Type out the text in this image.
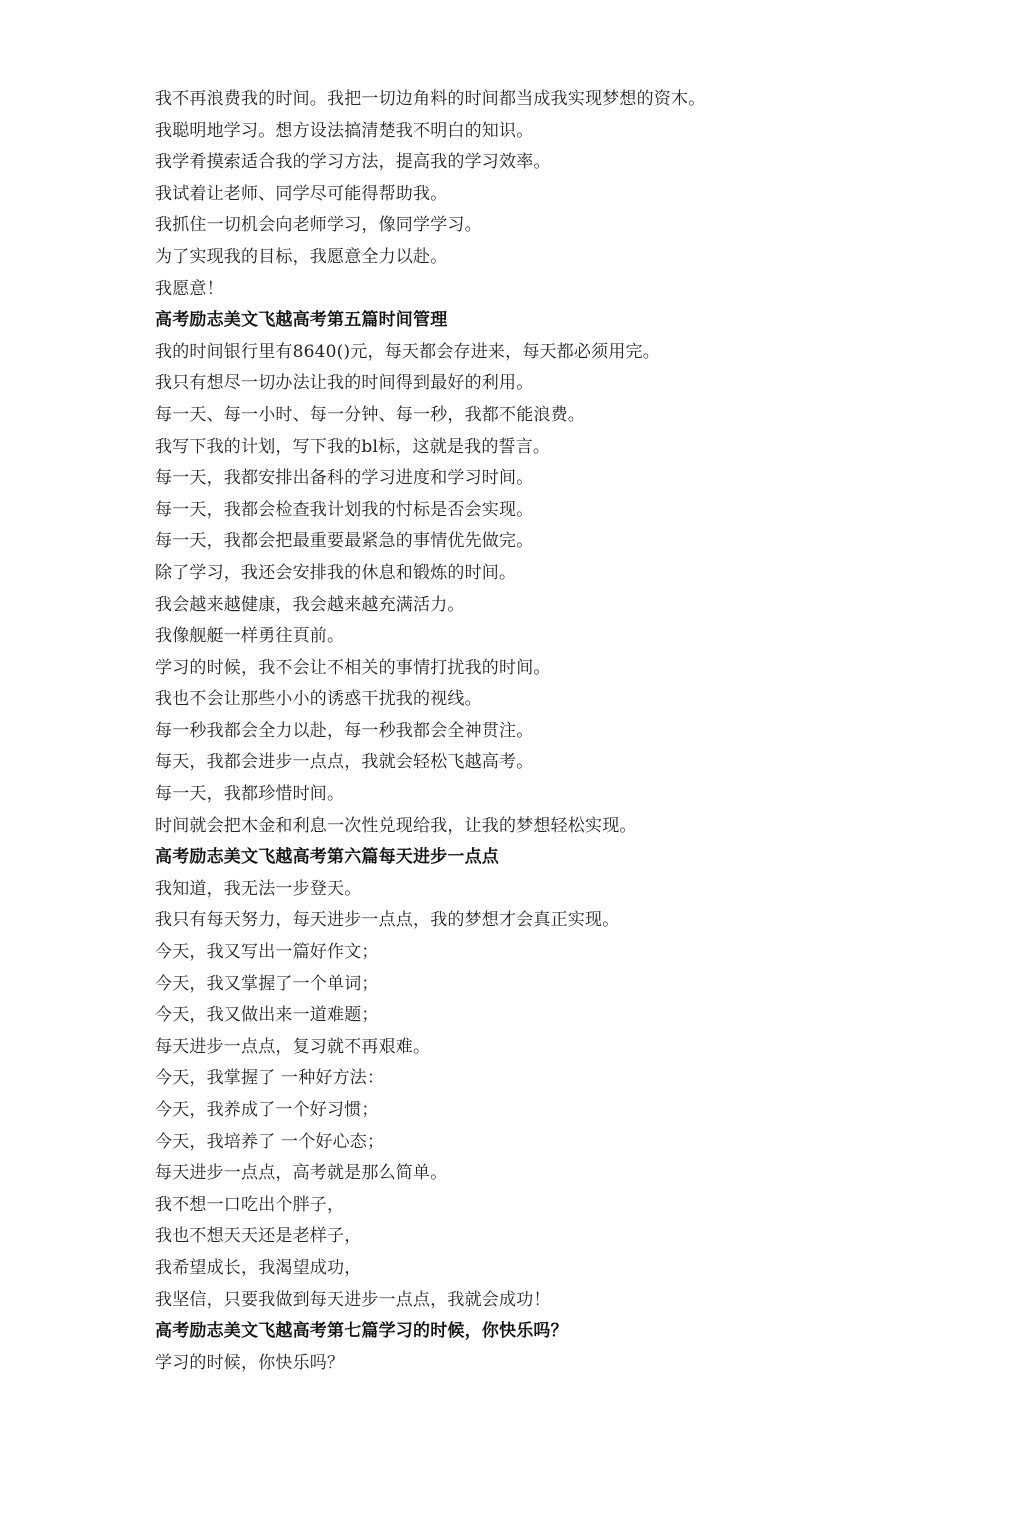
我不再浪费我的时间。我把一切边角料的时间都当成我实现梦想的资木。
我聪明地学习。想方设法搞清楚我不明白的知识。
我学肴摸索适合我的学习方法，提高我的学习效率。
我试着让老师、同学尽可能得帮助我。
我抓住一切机会向老师学习，像同学学习。
为了实现我的目标，我愿意全力以赴。
我愿意！
高考励志美文飞越高考第五篇时间管理
我的时间银行里有8640()元，每天都会存进来，每天都必须用完。
我只有想尽一切办法让我的时间得到最好的利用。
每一天、每一小时、每一分钟、每一秒，我都不能浪费。
我写下我的计划，写下我的bl标，这就是我的誓言。
每一天，我都安排出备科的学习进度和学习时间。
每一天，我都会检查我计划我的忖标是否会实现。
每一天，我都会把最重要最紧急的事情优先做完。
除了学习，我还会安排我的休息和锻炼的时间。
我会越来越健康，我会越来越充满活力。
我像舰艇一样勇往頁前。
学习的时候，我不会让不相关的事情打扰我的时间。
我也不会让那些小小的诱惑干扰我的视线。
每一秒我都会全力以赴，每一秒我都会全神贯注。
每天，我都会进步一点点，我就会轻松飞越高考。
每一天，我都珍惜时间。
时间就会把木金和利息一次性兑现给我，让我的梦想轻松实现。
高考励志美文飞越高考第六篇每天进步一点点
我知道，我无法一步登天。
我只有每天努力，每天进步一点点，我的梦想才会真正实现。
今天，我又写出一篇好作文；
今天，我又掌握了一个单词；
今天，我又做出来一道难题；
每天进步一点点，复习就不再艰难。
今天，我掌握了 一种好方法：
今天，我养成了一个好习惯；
今天，我培养了 一个好心态；
每天进步一点点，高考就是那么简单。
我不想一口吃出个胖子，
我也不想天天还是老样子，
我希望成长，我渴望成功，
我坚信，只要我做到每天进步一点点，我就会成功！
高考励志美文飞越高考第七篇学习的时候，你快乐吗？
学习的时候，你快乐吗？
